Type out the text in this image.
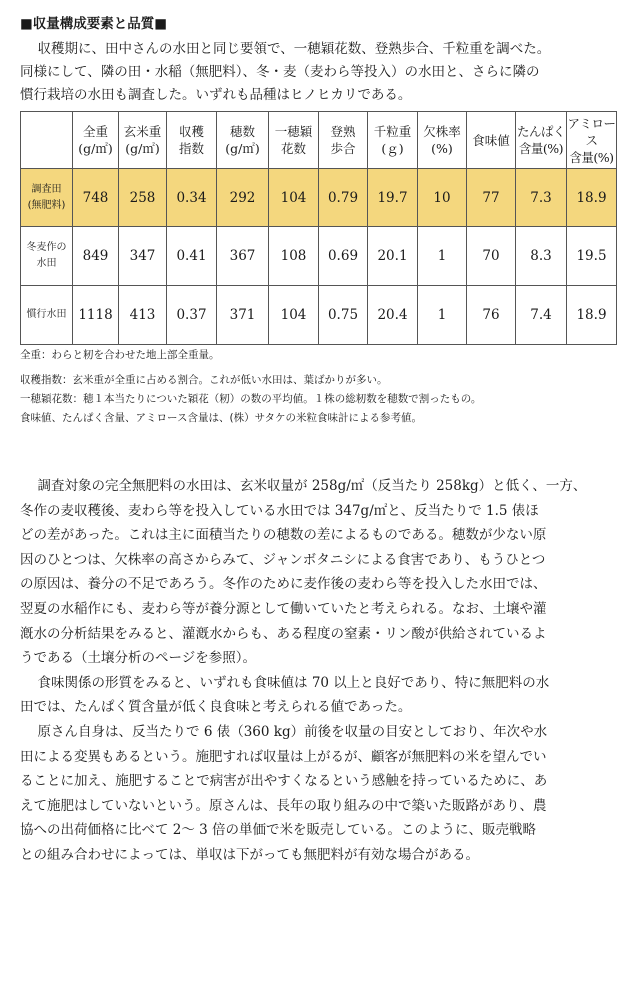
■収量構成要素と品質■

収穫期に、田中さんの水田と同じ要領で、一穂穎花数、登熟歩合、千粒重を調べた。

同様にして、隣の田・水稲（無肥料）、冬・麦（麦わら等投入）の水田と、さらに隣の

慣行栽培の水田も調査した。いずれも品種はヒノヒカリである。

	全重
(g/㎡)	玄米重
(g/㎡)	収穫
指数	穂数
(g/㎡)	一穂穎
花数	登熟
歩合	千粒重
(ｇ)	欠株率
(%)	食味値	たんぱく
含量(%)	アミロース
含量(%)
調査田
(無肥料)	748	258	0.34	292	104	0.79	19.7	10	77	7.3	18.9
冬麦作の
水田	849	347	0.41	367	108	0.69	20.1	1	70	8.3	19.5
慣行水田	1118	413	0.37	371	104	0.75	20.4	1	76	7.4	18.9

全重：わらと籾を合わせた地上部全重量。

収穫指数：玄米重が全重に占める割合。これが低い水田は、葉ばかりが多い。

一穂穎花数：穂１本当たりについた穎花（籾）の数の平均値。１株の総籾数を穂数で割ったもの。

食味値、たんぱく含量、アミロース含量は、(株）サタケの米粒食味計による参考値。

調査対象の完全無肥料の水田は、玄米収量が 258g/㎡（反当たり 258kg）と低く、一方、

冬作の麦収穫後、麦わら等を投入している水田では 347g/㎡と、反当たりで 1.5 俵ほ

どの差があった。これは主に面積当たりの穂数の差によるものである。穂数が少ない原

因のひとつは、欠株率の高さからみて、ジャンボタニシによる食害であり、もうひとつ

の原因は、養分の不足であろう。冬作のために麦作後の麦わら等を投入した水田では、

翌夏の水稲作にも、麦わら等が養分源として働いていたと考えられる。なお、土壌や灌

漑水の分析結果をみると、灌漑水からも、ある程度の窒素・リン酸が供給されているよ

うである（土壌分析のページを参照）。

食味関係の形質をみると、いずれも食味値は 70 以上と良好であり、特に無肥料の水

田では、たんぱく質含量が低く良食味と考えられる値であった。

原さん自身は、反当たりで 6 俵（360 kg）前後を収量の目安としており、年次や水

田による変異もあるという。施肥すれば収量は上がるが、顧客が無肥料の米を望んでい

ることに加え、施肥することで病害が出やすくなるという感触を持っているために、あ

えて施肥はしていないという。原さんは、長年の取り組みの中で築いた販路があり、農

協への出荷価格に比べて 2～ 3 倍の単価で米を販売している。このように、販売戦略

との組み合わせによっては、単収は下がっても無肥料が有効な場合がある。
